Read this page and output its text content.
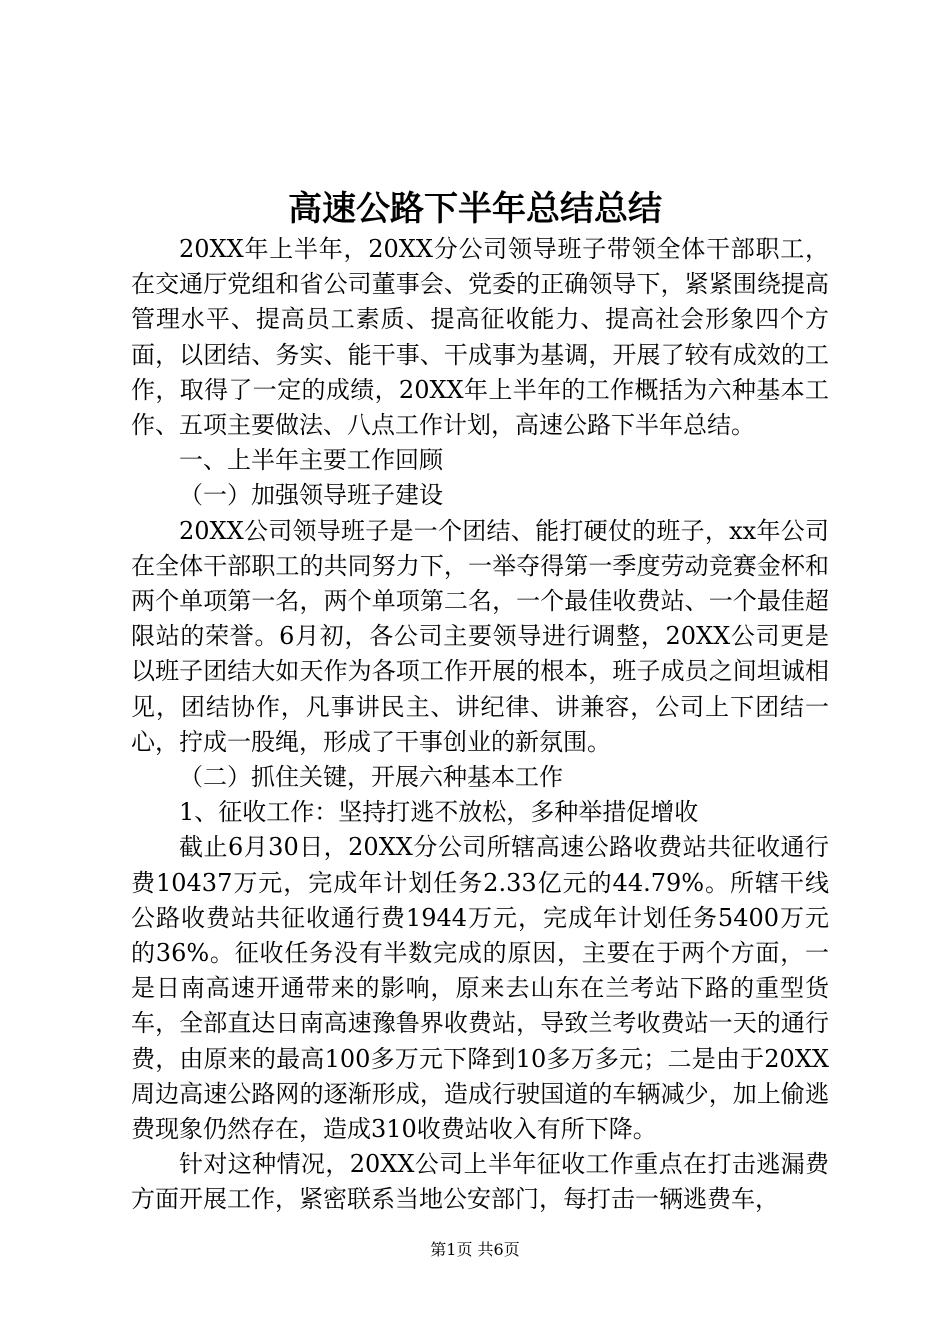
高速公路下半年总结总结

20XX年上半年，20XX分公司领导班子带领全体干部职工，在交通厅党组和省公司董事会、党委的正确领导下，紧紧围绕提高管理水平、提高员工素质、提高征收能力、提高社会形象四个方面，以团结、务实、能干事、干成事为基调，开展了较有成效的工作，取得了一定的成绩，20XX年上半年的工作概括为六种基本工作、五项主要做法、八点工作计划，高速公路下半年总结。

一、上半年主要工作回顾

（一）加强领导班子建设

20XX公司领导班子是一个团结、能打硬仗的班子，xx年公司在全体干部职工的共同努力下，一举夺得第一季度劳动竞赛金杯和两个单项第一名，两个单项第二名，一个最佳收费站、一个最佳超限站的荣誉。6月初，各公司主要领导进行调整，20XX公司更是以班子团结大如天作为各项工作开展的根本，班子成员之间坦诚相见，团结协作，凡事讲民主、讲纪律、讲兼容，公司上下团结一心，拧成一股绳，形成了干事创业的新氛围。

（二）抓住关键，开展六种基本工作

1、征收工作：坚持打逃不放松，多种举措促增收

截止6月30日，20XX分公司所辖高速公路收费站共征收通行费10437万元，完成年计划任务2.33亿元的44.79%。所辖干线公路收费站共征收通行费1944万元，完成年计划任务5400万元的36%。征收任务没有半数完成的原因，主要在于两个方面，一是日南高速开通带来的影响，原来去山东在兰考站下路的重型货车，全部直达日南高速豫鲁界收费站，导致兰考收费站一天的通行费，由原来的最高100多万元下降到10多万多元；二是由于20XX周边高速公路网的逐渐形成，造成行驶国道的车辆减少，加上偷逃费现象仍然存在，造成310收费站收入有所下降。

针对这种情况，20XX公司上半年征收工作重点在打击逃漏费方面开展工作，紧密联系当地公安部门，每打击一辆逃费车，

第1页 共6页
